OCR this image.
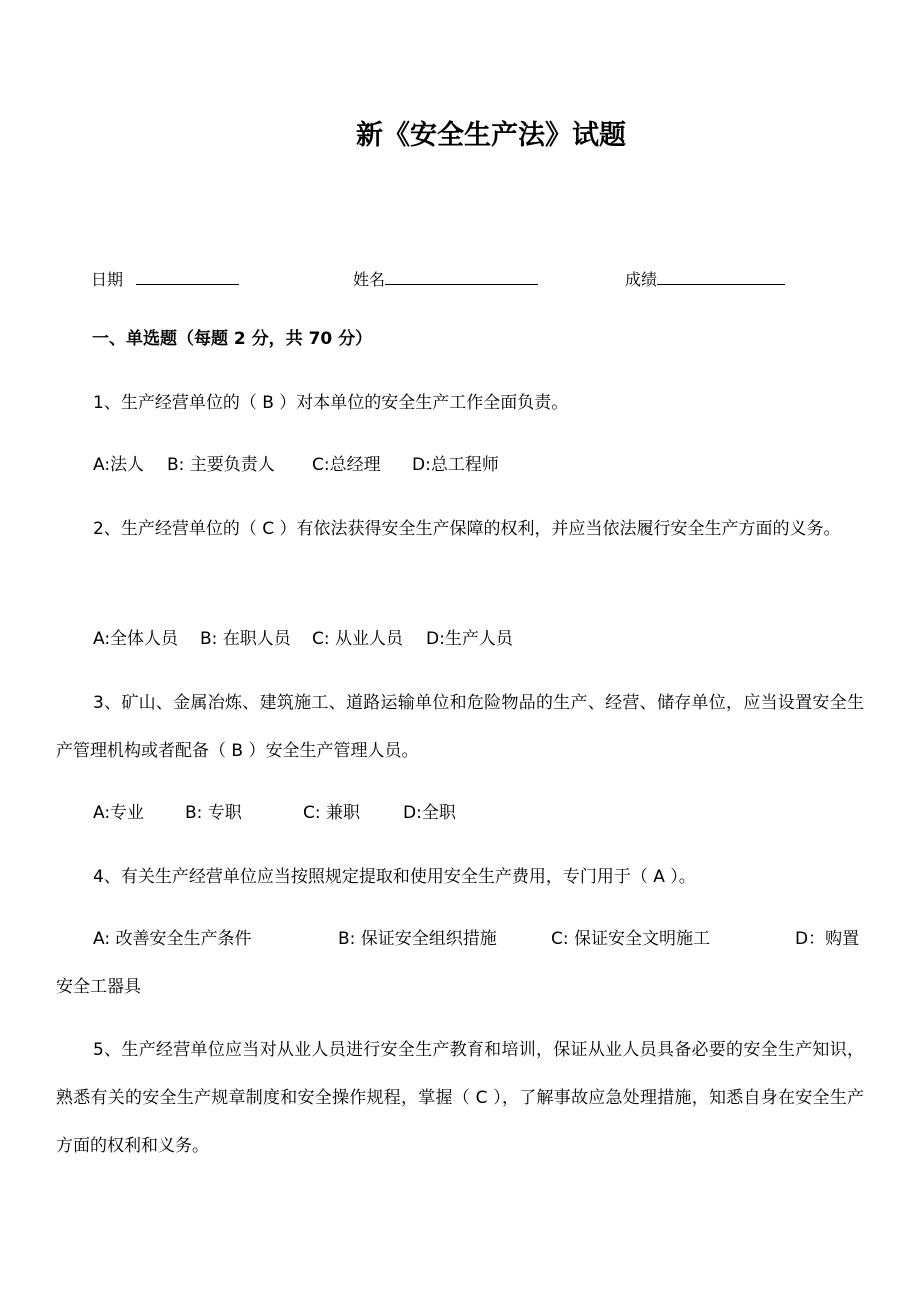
新《安全生产法》试题
日期	姓名	成绩
一、单选题（每题 2 分，共 70 分）

1、生产经营单位的（ B ）对本单位的安全生产工作全面负责。

A:法人 B: 主要负责人 C:总经理 D:总工程师

2、生产经营单位的（ C ）有依法获得安全生产保障的权利，并应当依法履行安全生产方面的义务。

A:全体人员 B: 在职人员 C: 从业人员 D:生产人员

3、矿山、金属冶炼、建筑施工、道路运输单位和危险物品的生产、经营、储存单位，应当设置安全生产管理机构或者配备（ B ）安全生产管理人员。

A:专业 B: 专职	C: 兼职	D:全职

4、有关生产经营单位应当按照规定提取和使用安全生产费用，专门用于（ A ）。

A: 改善安全生产条件	B: 保证安全组织措施	C: 保证安全文明施工	D：购置
安全工器具

5、生产经营单位应当对从业人员进行安全生产教育和培训，保证从业人员具备必要的安全生产知识，熟悉有关的安全生产规章制度和安全操作规程，掌握（ C ），了解事故应急处理措施，知悉自身在安全生产方面的权利和义务。
